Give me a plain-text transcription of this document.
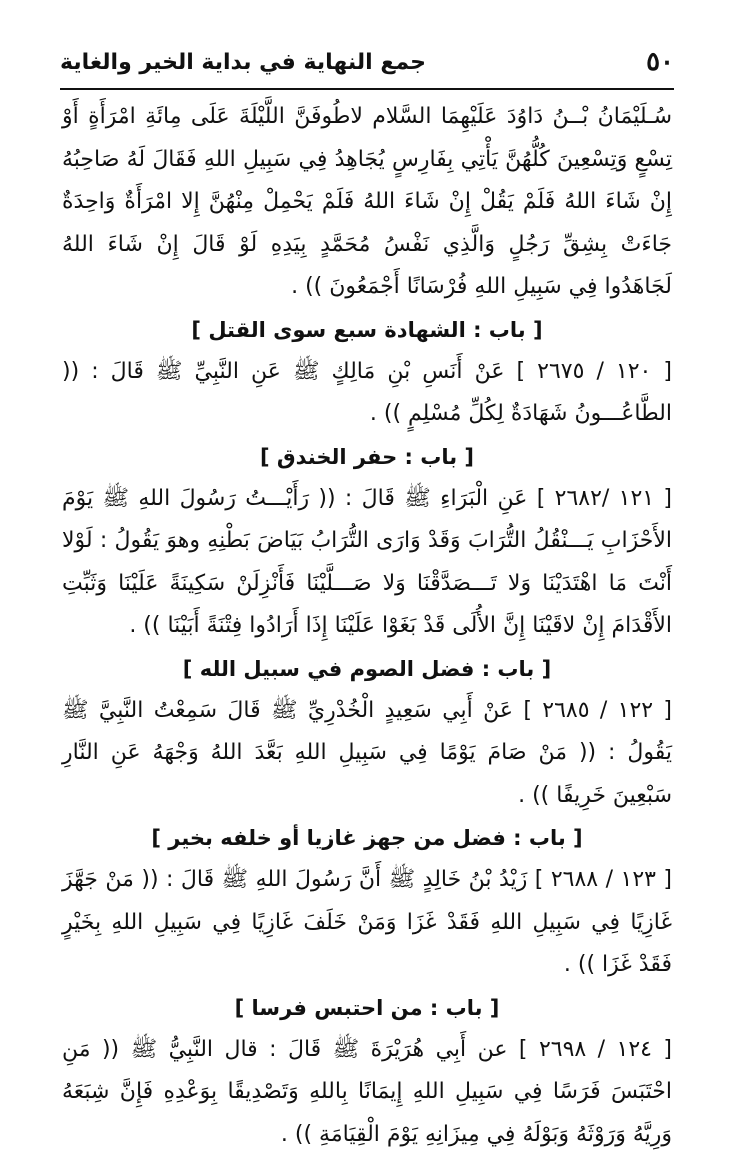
٥٠
جمع النهاية في بداية الخير والغاية

سُـلَيْمَانُ بْــنُ دَاوُدَ عَلَيْهِمَا السَّلام لاطُوفَنَّ اللَّيْلَةَ عَلَى مِائَةِ امْرَأَةٍ أَوْ تِسْعٍ وَتِسْعِينَ كُلُّهُنَّ يَأْتِي بِفَارِسٍ يُجَاهِدُ فِي سَبِيلِ اللهِ فَقَالَ لَهُ صَاحِبُهُ إِنْ شَاءَ اللهُ فَلَمْ يَقُلْ إِنْ شَاءَ اللهُ فَلَمْ يَحْمِلْ مِنْهُنَّ إِلا امْرَأَةٌ وَاحِدَةٌ جَاءَتْ بِشِقِّ رَجُلٍ وَالَّذِي نَفْسُ مُحَمَّدٍ بِيَدِهِ لَوْ قَالَ إِنْ شَاءَ اللهُ لَجَاهَدُوا فِي سَبِيلِ اللهِ فُرْسَانًا أَجْمَعُونَ )) .

[ باب : الشهادة سبع سوى القتل ]

[ ١٢٠ / ٢٦٧٥ ] عَنْ أَنَسِ بْنِ مَالِكٍ ﷺ عَنِ النَّبِيِّ ﷺ قَالَ : (( الطَّاعُـــونُ شَهَادَةٌ لِكُلِّ مُسْلِمٍ )) .

[ باب : حفر الخندق ]

[ ١٢١ /٢٦٨٢ ] عَنِ الْبَرَاءِ ﷺ قَالَ : (( رَأَيْـــتُ رَسُولَ اللهِ ﷺ يَوْمَ الأَحْزَابِ يَـــنْقُلُ التُّرَابَ وَقَدْ وَارَى التُّرَابُ بَيَاضَ بَطْنِهِ وهوَ يَقُولُ : لَوْلا أَنْتَ مَا اهْتَدَيْنَا وَلا تَـــصَدَّقْنَا وَلا صَـــلَّيْنَا فَأَنْزِلَنْ سَكِينَةً عَلَيْنَا وَثَبِّتِ الأَقْدَامَ إِنْ لاقَيْنَا إِنَّ الأُلَى قَدْ بَغَوْا عَلَيْنَا إِذَا أَرَادُوا فِتْنَةً أَبَيْنَا )) .

[ باب : فضل الصوم في سبيل الله ]

[ ١٢٢ / ٢٦٨٥ ] عَنْ أَبِي سَعِيدٍ الْخُدْرِيِّ ﷺ قَالَ سَمِعْتُ النَّبِيَّ ﷺ يَقُولُ : (( مَنْ صَامَ يَوْمًا فِي سَبِيلِ اللهِ بَعَّدَ اللهُ وَجْهَهُ عَنِ النَّارِ سَبْعِينَ خَرِيفًا )) .

[ باب : فضل من جهز غازيا أو خلفه بخير ]

[ ١٢٣ / ٢٦٨٨ ] زَيْدُ بْنُ خَالِدٍ ﷺ أَنَّ رَسُولَ اللهِ ﷺ قَالَ : (( مَنْ جَهَّزَ غَازِيًا فِي سَبِيلِ اللهِ فَقَدْ غَزَا وَمَنْ خَلَفَ غَازِيًا فِي سَبِيلِ اللهِ بِخَيْرٍ فَقَدْ غَزَا )) .

[ باب : من احتبس فرسا ]

[ ١٢٤ / ٢٦٩٨ ] عن أَبِي هُرَيْرَةَ ﷺ قَالَ : قال النَّبِيُّ ﷺ (( مَنِ احْتَبَسَ فَرَسًا فِي سَبِيلِ اللهِ إِيمَانًا بِاللهِ وَتَصْدِيقًا بِوَعْدِهِ فَإِنَّ شِبَعَهُ وَرِيَّهُ وَرَوْثَهُ وَبَوْلَهُ فِي مِيزَانِهِ يَوْمَ الْقِيَامَةِ )) .
